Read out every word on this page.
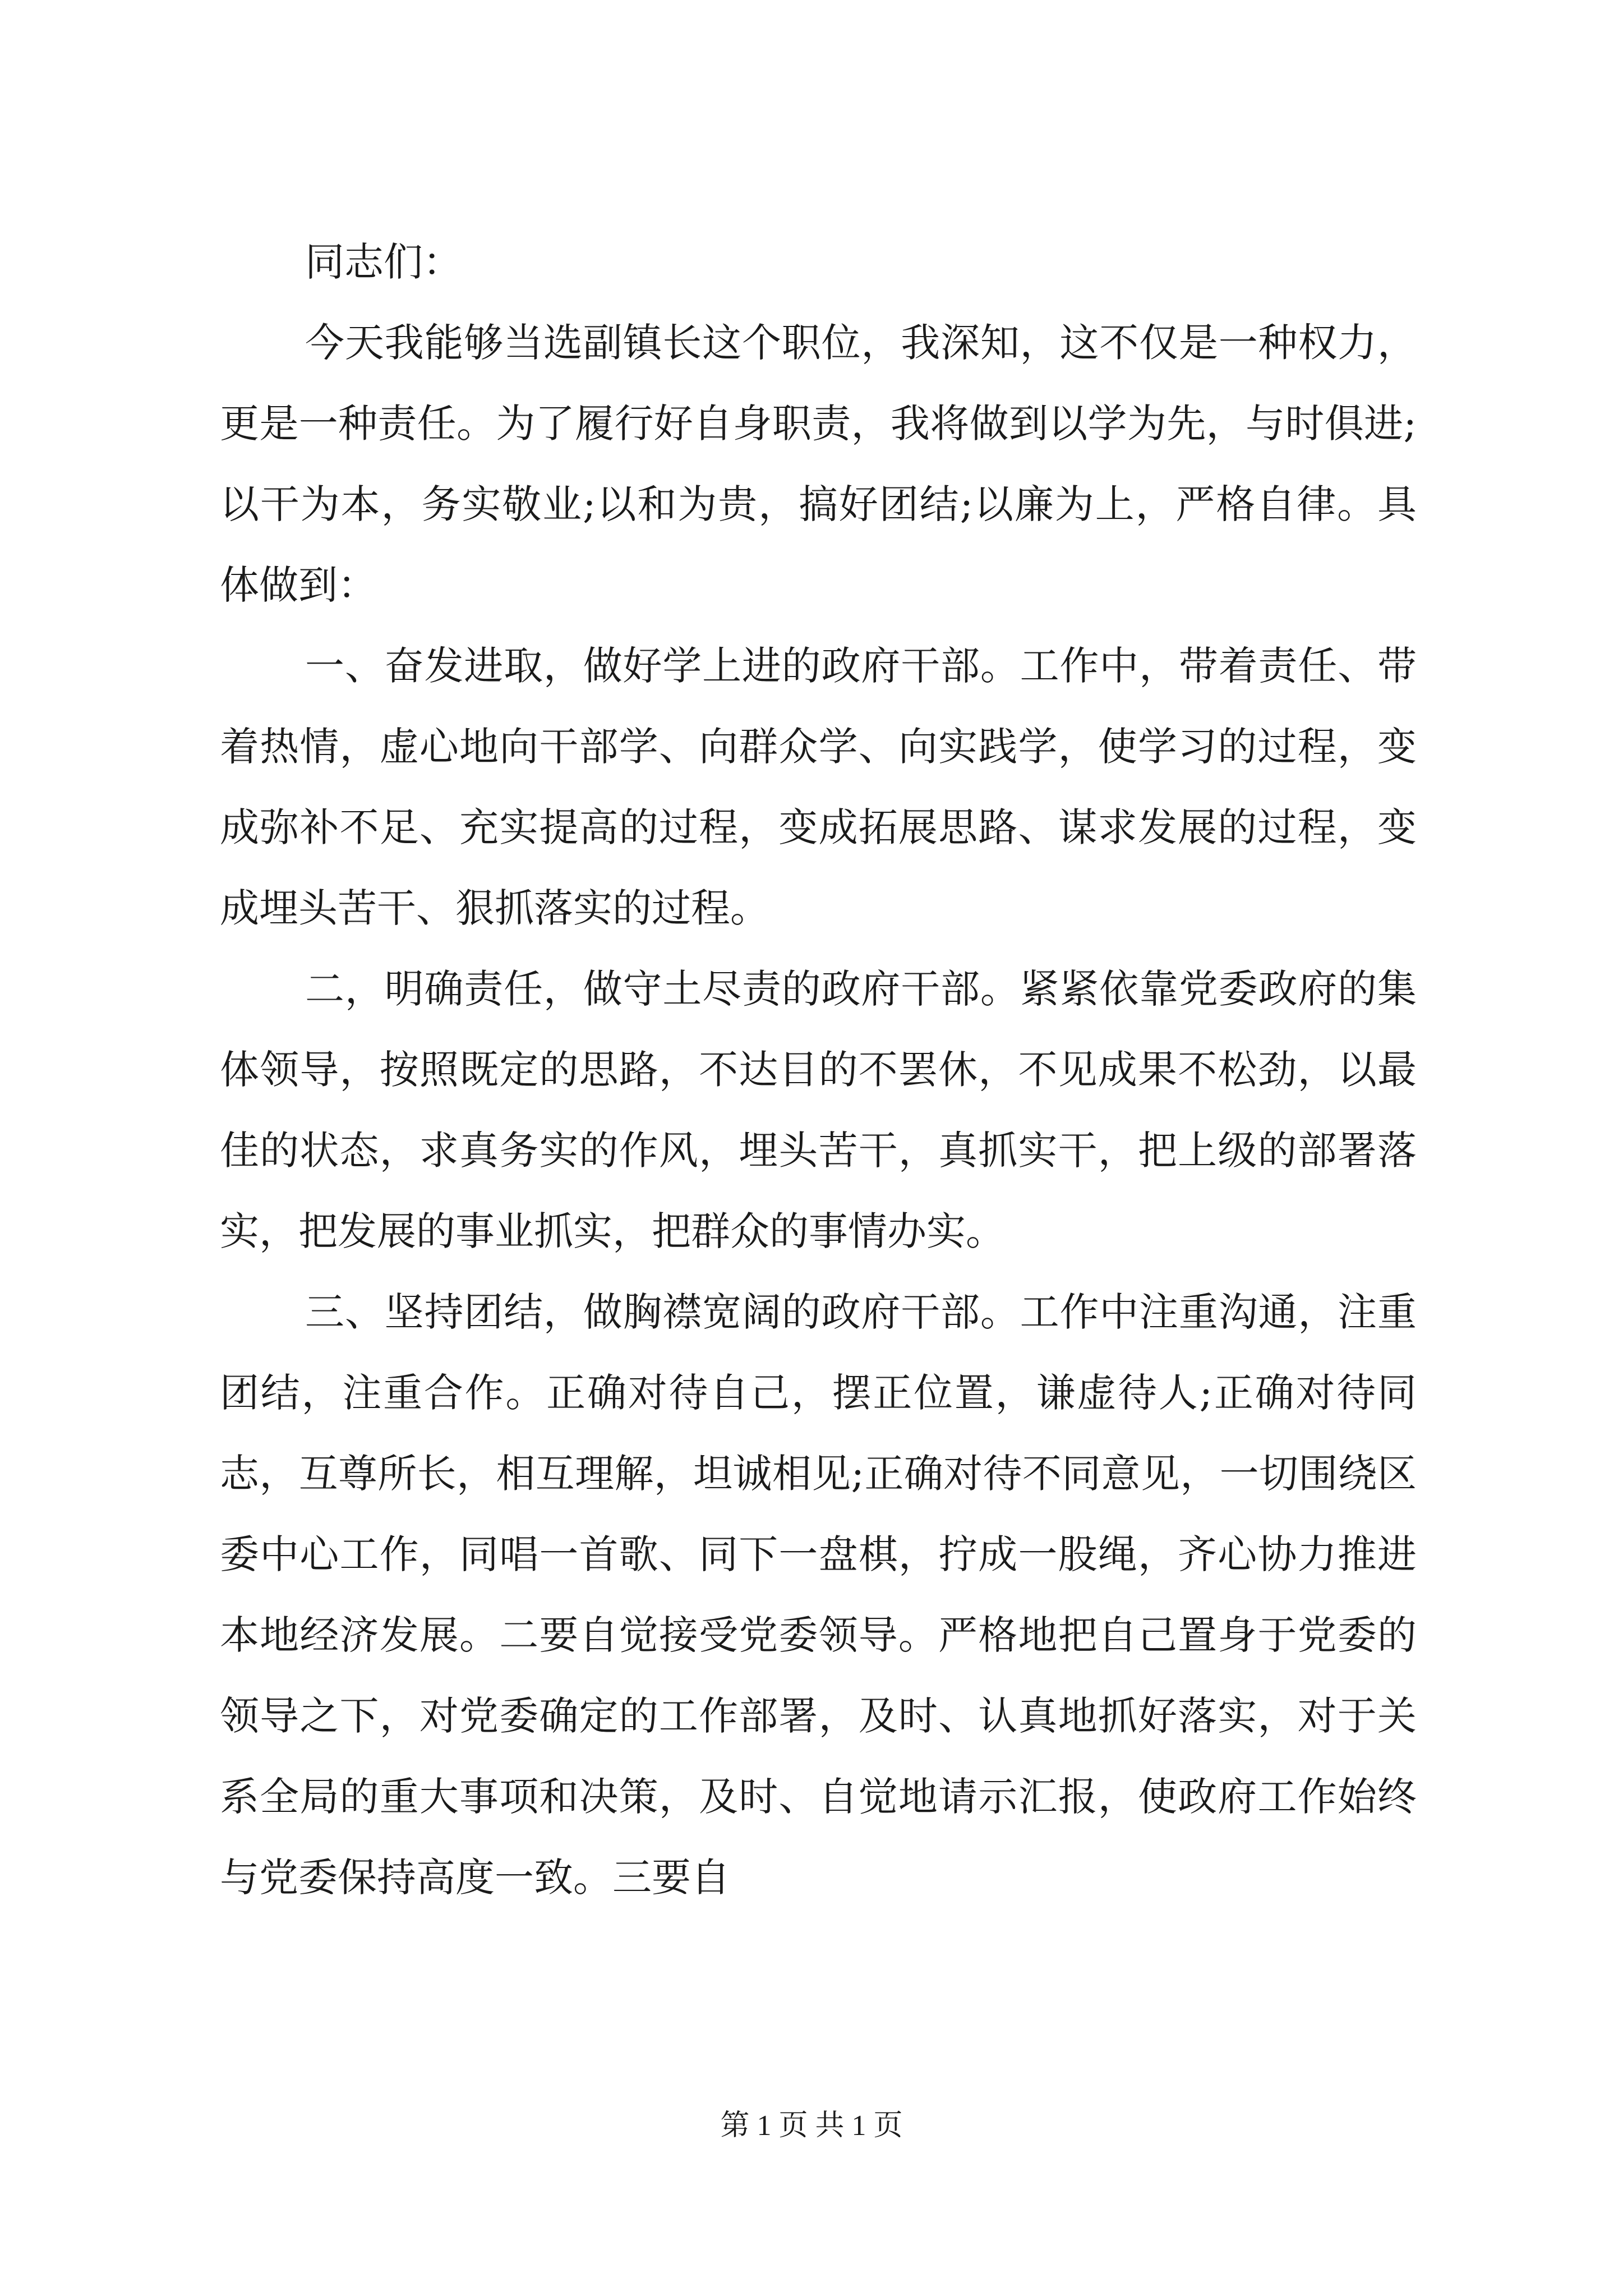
同志们：

今天我能够当选副镇长这个职位，我深知，这不仅是一种权力，更是一种责任。为了履行好自身职责，我将做到以学为先，与时俱进;以干为本，务实敬业;以和为贵，搞好团结;以廉为上，严格自律。具体做到：

一、奋发进取，做好学上进的政府干部。工作中，带着责任、带着热情，虚心地向干部学、向群众学、向实践学，使学习的过程，变成弥补不足、充实提高的过程，变成拓展思路、谋求发展的过程，变成埋头苦干、狠抓落实的过程。

二，明确责任，做守土尽责的政府干部。紧紧依靠党委政府的集体领导，按照既定的思路，不达目的不罢休，不见成果不松劲，以最佳的状态，求真务实的作风，埋头苦干，真抓实干，把上级的部署落实，把发展的事业抓实，把群众的事情办实。

三、坚持团结，做胸襟宽阔的政府干部。工作中注重沟通，注重团结，注重合作。正确对待自己，摆正位置，谦虚待人;正确对待同志，互尊所长，相互理解，坦诚相见;正确对待不同意见，一切围绕区委中心工作，同唱一首歌、同下一盘棋，拧成一股绳，齐心协力推进本地经济发展。二要自觉接受党委领导。严格地把自己置身于党委的领导之下，对党委确定的工作部署，及时、认真地抓好落实，对于关系全局的重大事项和决策，及时、自觉地请示汇报，使政府工作始终与党委保持高度一致。三要自

第 1 页 共 1 页
